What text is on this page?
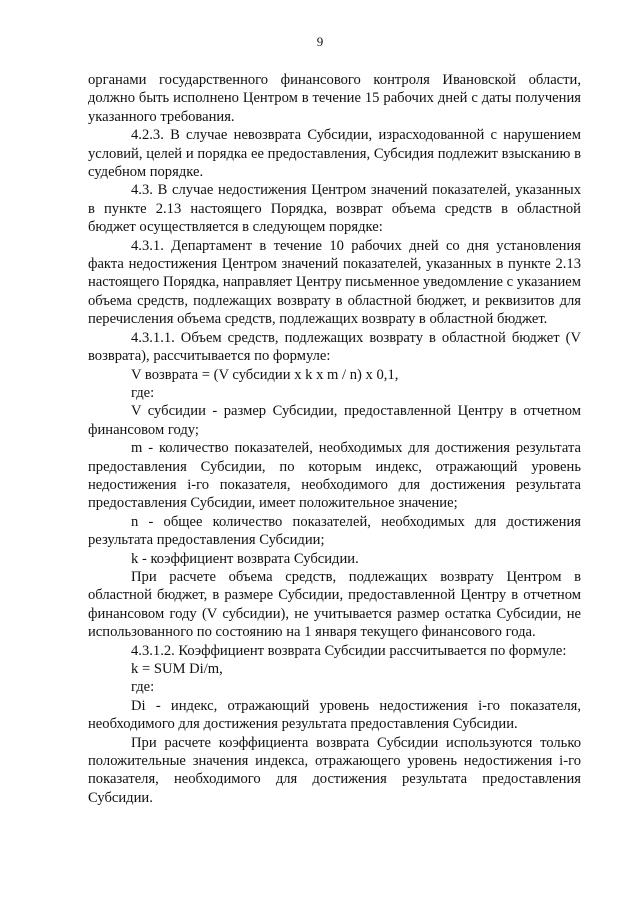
9

органами государственного финансового контроля Ивановской области, должно быть исполнено Центром в течение 15 рабочих дней с даты получения указанного требования.

4.2.3. В случае невозврата Субсидии, израсходованной с нарушением условий, целей и порядка ее предоставления, Субсидия подлежит взысканию в судебном порядке.

4.3. В случае недостижения Центром значений показателей, указанных в пункте 2.13 настоящего Порядка, возврат объема средств в областной бюджет осуществляется в следующем порядке:

4.3.1. Департамент в течение 10 рабочих дней со дня установления факта недостижения Центром значений показателей, указанных в пункте 2.13 настоящего Порядка, направляет Центру письменное уведомление с указанием объема средств, подлежащих возврату в областной бюджет, и реквизитов для перечисления объема средств, подлежащих возврату в областной бюджет.

4.3.1.1. Объем средств, подлежащих возврату в областной бюджет (V возврата), рассчитывается по формуле:

V возврата = (V субсидии x k x m / n) x 0,1,

где:

V субсидии - размер Субсидии, предоставленной Центру в отчетном финансовом году;

m - количество показателей, необходимых для достижения результата предоставления Субсидии, по которым индекс, отражающий уровень недостижения i-го показателя, необходимого для достижения результата предоставления Субсидии, имеет положительное значение;

n - общее количество показателей, необходимых для достижения результата предоставления Субсидии;

k - коэффициент возврата Субсидии.

При расчете объема средств, подлежащих возврату Центром в областной бюджет, в размере Субсидии, предоставленной Центру в отчетном финансовом году (V субсидии), не учитывается размер остатка Субсидии, не использованного по состоянию на 1 января текущего финансового года.

4.3.1.2. Коэффициент возврата Субсидии рассчитывается по формуле:

k = SUM Di/m,

где:

Di - индекс, отражающий уровень недостижения i-го показателя, необходимого для достижения результата предоставления Субсидии.

При расчете коэффициента возврата Субсидии используются только положительные значения индекса, отражающего уровень недостижения i-го показателя, необходимого для достижения результата предоставления Субсидии.
